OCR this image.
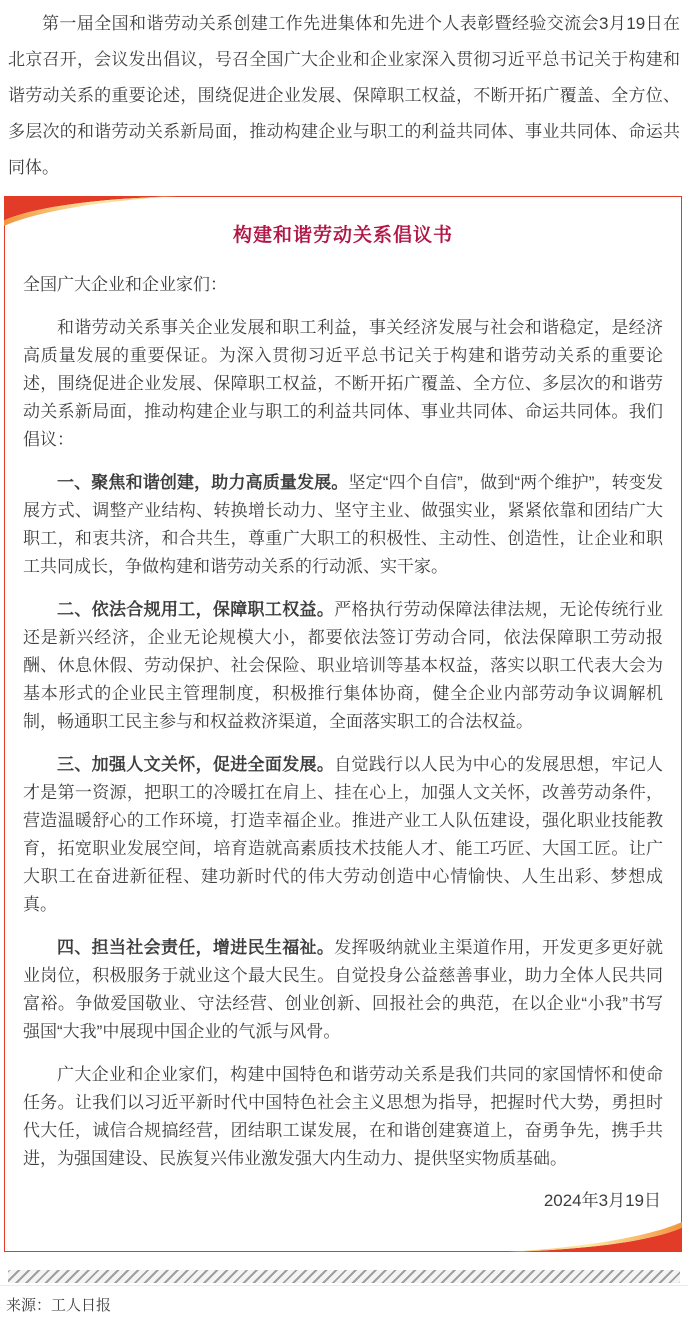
第一届全国和谐劳动关系创建工作先进集体和先进个人表彰暨经验交流会3月19日在北京召开，会议发出倡议，号召全国广大企业和企业家深入贯彻习近平总书记关于构建和谐劳动关系的重要论述，围绕促进企业发展、保障职工权益，不断开拓广覆盖、全方位、多层次的和谐劳动关系新局面，推动构建企业与职工的利益共同体、事业共同体、命运共同体。

构建和谐劳动关系倡议书

全国广大企业和企业家们：

和谐劳动关系事关企业发展和职工利益，事关经济发展与社会和谐稳定，是经济高质量发展的重要保证。为深入贯彻习近平总书记关于构建和谐劳动关系的重要论述，围绕促进企业发展、保障职工权益，不断开拓广覆盖、全方位、多层次的和谐劳动关系新局面，推动构建企业与职工的利益共同体、事业共同体、命运共同体。我们倡议：

一、聚焦和谐创建，助力高质量发展。坚定“四个自信”，做到“两个维护”，转变发展方式、调整产业结构、转换增长动力、坚守主业、做强实业，紧紧依靠和团结广大职工，和衷共济，和合共生，尊重广大职工的积极性、主动性、创造性，让企业和职工共同成长，争做构建和谐劳动关系的行动派、实干家。

二、依法合规用工，保障职工权益。严格执行劳动保障法律法规，无论传统行业还是新兴经济，企业无论规模大小，都要依法签订劳动合同，依法保障职工劳动报酬、休息休假、劳动保护、社会保险、职业培训等基本权益，落实以职工代表大会为基本形式的企业民主管理制度，积极推行集体协商，健全企业内部劳动争议调解机制，畅通职工民主参与和权益救济渠道，全面落实职工的合法权益。

三、加强人文关怀，促进全面发展。自觉践行以人民为中心的发展思想，牢记人才是第一资源，把职工的冷暖扛在肩上、挂在心上，加强人文关怀，改善劳动条件，营造温暖舒心的工作环境，打造幸福企业。推进产业工人队伍建设，强化职业技能教育，拓宽职业发展空间，培育造就高素质技术技能人才、能工巧匠、大国工匠。让广大职工在奋进新征程、建功新时代的伟大劳动创造中心情愉快、人生出彩、梦想成真。

四、担当社会责任，增进民生福祉。发挥吸纳就业主渠道作用，开发更多更好就业岗位，积极服务于就业这个最大民生。自觉投身公益慈善事业，助力全体人民共同富裕。争做爱国敬业、守法经营、创业创新、回报社会的典范，在以企业“小我”书写强国“大我”中展现中国企业的气派与风骨。

广大企业和企业家们，构建中国特色和谐劳动关系是我们共同的家国情怀和使命任务。让我们以习近平新时代中国特色社会主义思想为指导，把握时代大势，勇担时代大任，诚信合规搞经营，团结职工谋发展，在和谐创建赛道上，奋勇争先，携手共进，为强国建设、民族复兴伟业激发强大内生动力、提供坚实物质基础。

2024年3月19日

来源：工人日报
